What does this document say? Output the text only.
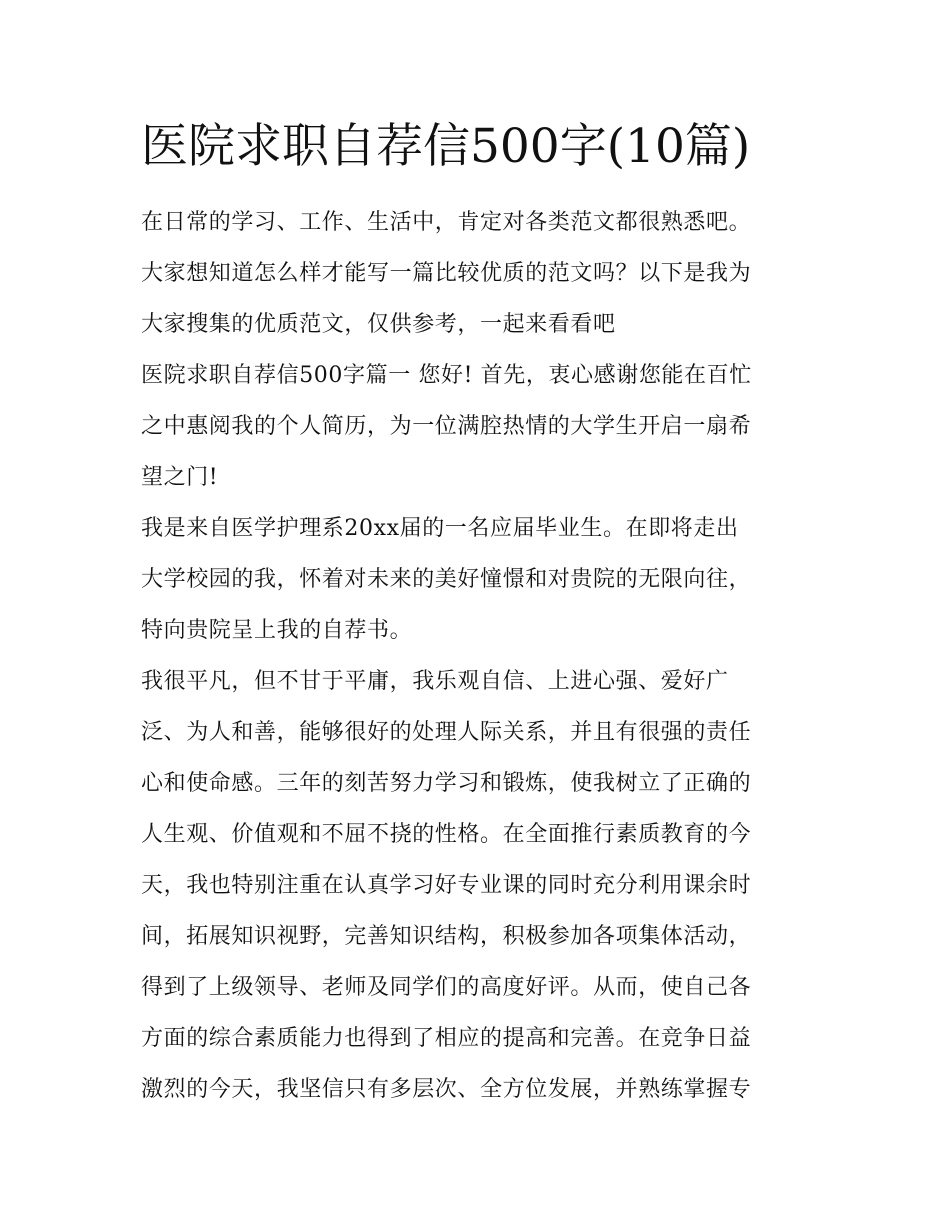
医院求职自荐信500字(10篇)
在日常的学习、工作、生活中，肯定对各类范文都很熟悉吧。
大家想知道怎么样才能写一篇比较优质的范文吗？以下是我为
大家搜集的优质范文，仅供参考，一起来看看吧
医院求职自荐信500字篇一 您好! 首先，衷心感谢您能在百忙
之中惠阅我的个人简历，为一位满腔热情的大学生开启一扇希
望之门!
我是来自医学护理系20xx届的一名应届毕业生。在即将走出
大学校园的我，怀着对未来的美好憧憬和对贵院的无限向往，
特向贵院呈上我的自荐书。
我很平凡，但不甘于平庸，我乐观自信、上进心强、爱好广
泛、为人和善，能够很好的处理人际关系，并且有很强的责任
心和使命感。三年的刻苦努力学习和锻炼，使我树立了正确的
人生观、价值观和不屈不挠的性格。在全面推行素质教育的今
天，我也特别注重在认真学习好专业课的同时充分利用课余时
间，拓展知识视野，完善知识结构，积极参加各项集体活动，
得到了上级领导、老师及同学们的高度好评。从而，使自己各
方面的综合素质能力也得到了相应的提高和完善。在竞争日益
激烈的今天，我坚信只有多层次、全方位发展，并熟练掌握专
